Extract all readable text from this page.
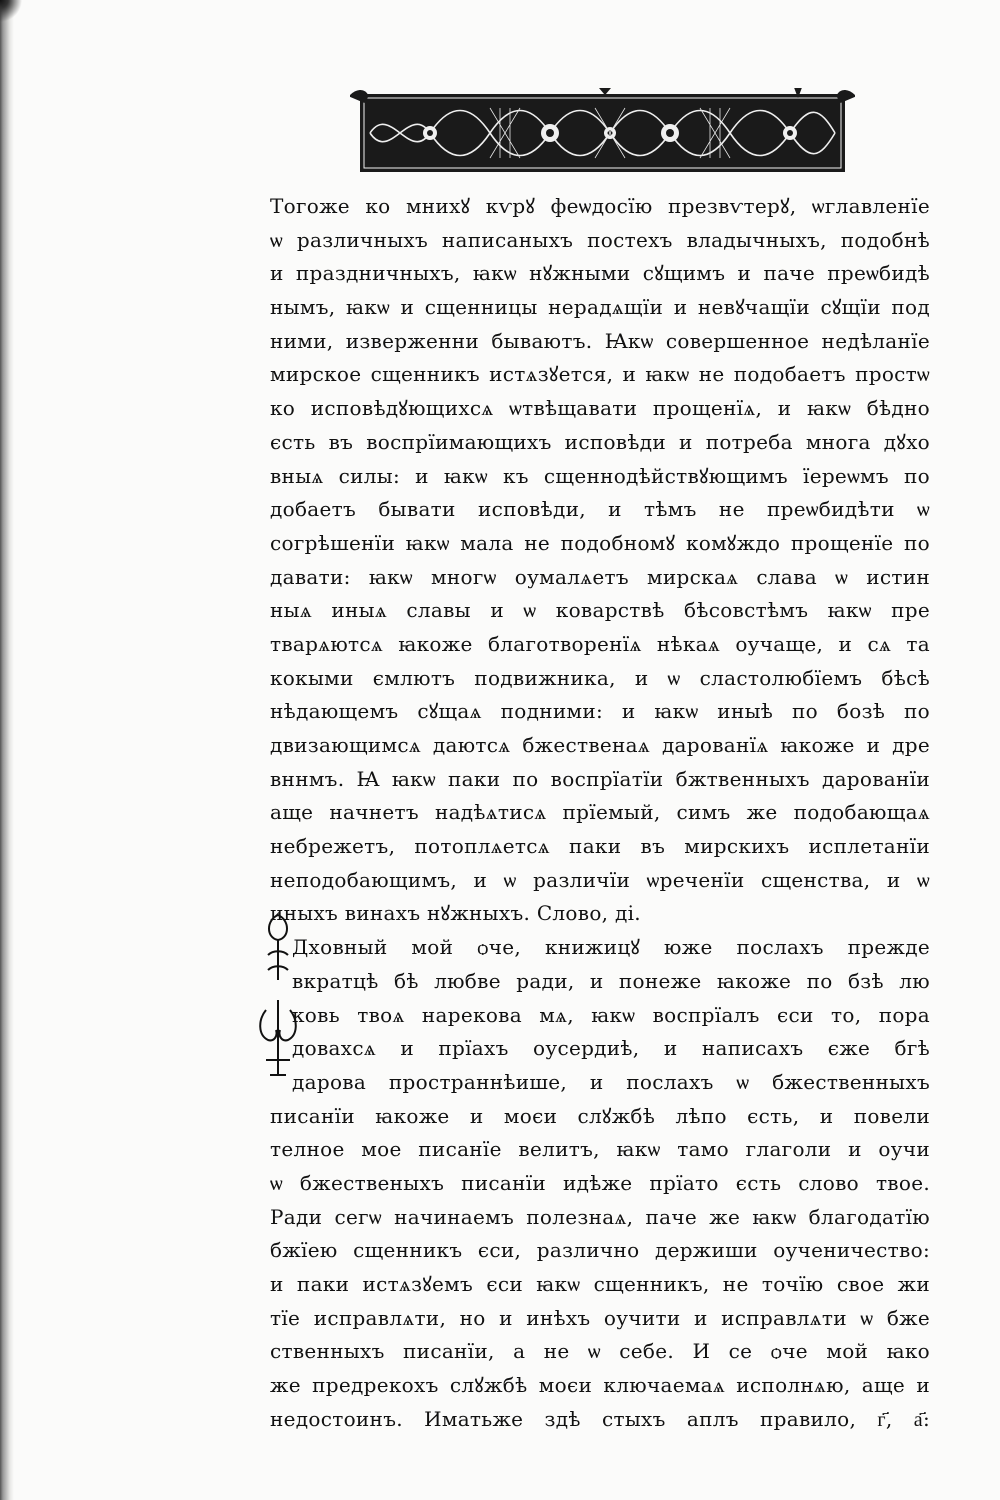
Тогоже ко мнихꙋ кѵрꙋ феѡдосїю презвѵтерꙋ, ѡглавленїе
ѡ различныхъ написаныхъ постехъ владычныхъ, подобнѣ
и праздничныхъ, ꙗкѡ нꙋжными сꙋщимъ и паче преѡбидѣ
нымъ, ꙗкѡ и сщенницы нерадѧщїи и невꙋчащїи сꙋщїи под
ними, изверженни бываютъ. Ꙗкѡ совершенное недѣланїе
мирское сщенникъ истѧзꙋется, и ꙗкѡ не подобаетъ простѡ
ко исповѣдꙋющихсѧ ѡтвѣщавати прощенїѧ, и ꙗкѡ бѣдно
єсть въ воспрїимающихъ исповѣди и потреба многа дꙋхо
вныѧ силы: и ꙗкѡ къ сщеннодѣйствꙋющимъ їереѡмъ по
добаетъ бывати исповѣди, и тѣмъ не преѡбидѣти ѡ
согрѣшенїи ꙗкѡ мала не подобномꙋ комꙋждо прощенїе по
давати: ꙗкѡ многѡ оумалѧетъ мирскаѧ слава ѡ истин
ныѧ иныѧ славы и ѡ коварствѣ бѣсовстѣмъ ꙗкѡ пре
тварѧютсѧ ꙗкоже благотворенїѧ нѣкаѧ оучаще, и сѧ та
кокыми ємлютъ подвижника, и ѡ сластолюбїемъ бѣсѣ
нѣдающемъ сꙋщаѧ подними: и ꙗкѡ иныѣ по бозѣ по
двизающимсѧ даютсѧ бжественаѧ дарованїѧ ꙗкоже и дре
вннмъ. Ꙗ ꙗкѡ паки по воспрїатїи бжтвенныхъ дарованїи
аще начнетъ надѣѧтисѧ прїемый, симъ же подобающаѧ
небрежетъ, потоплѧетсѧ паки въ мирскихъ исплетанїи
неподобающимъ, и ѡ различїи ѡреченїи сщенства, и ѡ
иныхъ винахъ нꙋжныхъ. Слово, ді.
Дховный мой ѻче, книжицꙋ юже послахъ прежде
вкратцѣ бѣ любве ради, и понеже ꙗкоже по бзѣ лю
ковь твоѧ нарекова мѧ, ꙗкѡ воспрїалъ єси то, пора
довахсѧ и прїахъ оусердиѣ, и написахъ єже бгѣ
дарова пространнѣише, и послахъ ѡ бжественныхъ
писанїи ꙗкоже и моєи слꙋжбѣ лѣпо єсть, и повели
телное мое писанїе велитъ, ꙗкѡ тамо глаголи и оучи
ѡ бжественыхъ писанїи идѣже прїато єсть слово твое.
Ради сегѡ начинаемъ полезнаѧ, паче же ꙗкѡ благодатїю
бжїею сщенникъ єси, различно держиши оученичество:
и паки истѧзꙋемъ єси ꙗкѡ сщенникъ, не точїю свое жи
тїе исправлѧти, но и инѣхъ оучити и исправлѧти ѡ бже
ственныхъ писанїи, а не ѡ себе. И се ѻче мой ꙗко
же предрекохъ слꙋжбѣ моєи ключаемаѧ исполнѧю, аще и
недостоинъ. Иматьже здѣ стыхъ аплъ правило, г҃, а҃:
